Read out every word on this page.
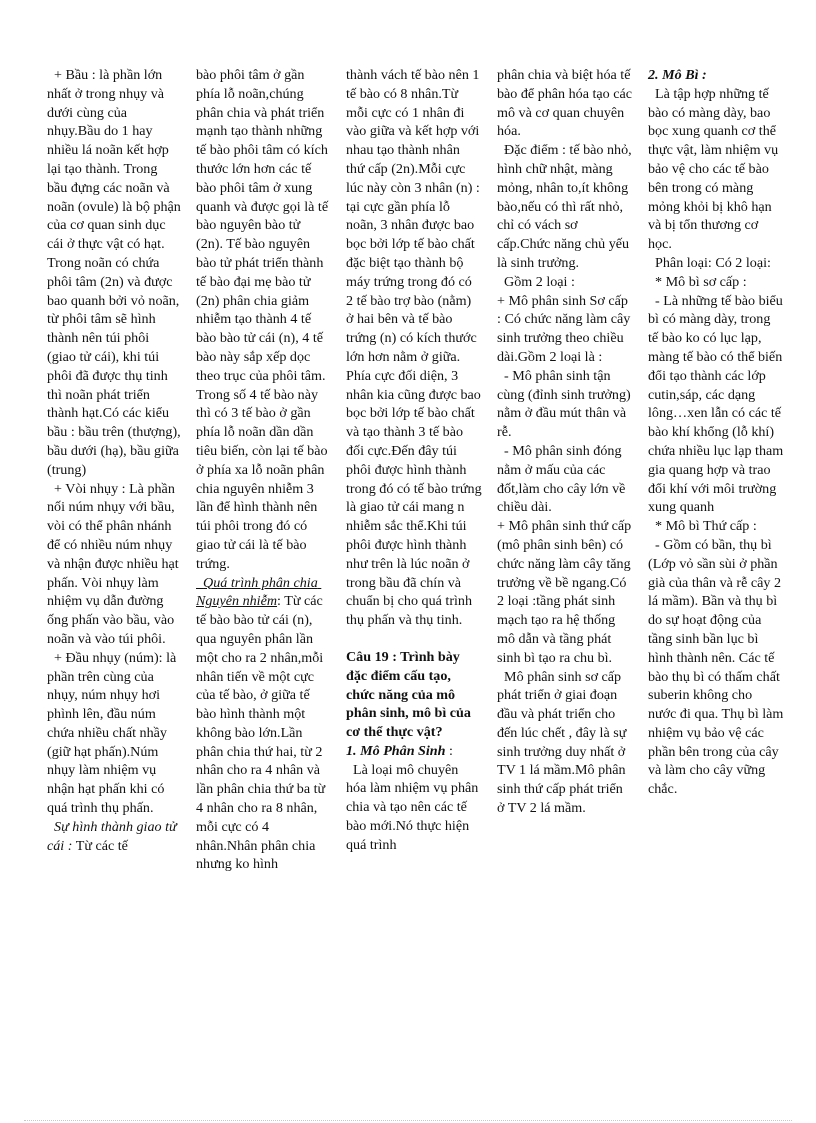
+ Bầu : là phần lớn nhất ở trong nhụy và dưới cùng của nhụy.Bầu do 1 hay nhiều lá noãn kết hợp lại tạo thành. Trong bầu đựng các noãn và noãn (ovule) là bộ phận của cơ quan sinh dục cái ở thực vật có hạt. Trong noãn có chứa phôi tâm (2n) và được bao quanh bởi vỏ noãn, từ phôi tâm sẽ hình thành nên túi phôi (giao tử cái), khi túi phôi đã được thụ tinh thì noãn phát triển thành hạt.Có các kiểu bầu : bầu trên (thượng), bầu dưới (hạ), bầu giữa (trung)
+ Vòi nhụy : Là phần nối núm nhụy với bầu, vòi có thể phân nhánh để có nhiều núm nhụy và nhận được nhiều hạt phấn. Vòi nhụy làm nhiệm vụ dẫn đường ống phấn vào bầu, vào noãn và vào túi phôi.
+ Đầu nhụy (núm): là phần trên cùng của nhụy, núm nhụy hơi phình lên, đầu núm chứa nhiều chất nhầy (giữ hạt phấn).Núm nhụy làm nhiệm vụ nhận hạt phấn khi có quá trình thụ phấn.
Sự hình thành giao tử cái : Từ các tế
bào phôi tâm ở gần phía lỗ noãn,chúng phân chia và phát triển mạnh tạo thành những tế bào phôi tâm có kích thước lớn hơn các tế bào phôi tâm ở xung quanh và được gọi là tế bào nguyên bào tử (2n). Tế bào nguyên bào tử phát triển thành tế bào đại mẹ bào tử (2n) phân chia giảm nhiễm tạo thành 4 tế bào bào tử cái (n), 4 tế bào này sắp xếp dọc theo trục của phôi tâm. Trong số 4 tế bào này thì có 3 tế bào ở gần phía lỗ noãn dần dần tiêu biến, còn lại tế bào ở phía xa lỗ noãn phân chia nguyên nhiễm 3 lần để hình thành nên túi phôi trong đó có giao tử cái là tế bào trứng.
Quá trình phân chia Nguyên nhiễm: Từ các tế bào bào tử cái (n), qua nguyên phân lần một cho ra 2 nhân,mỗi nhân tiến về một cực của tế bào, ở giữa tế bào hình thành một không bào lớn.Lần phân chia thứ hai, từ 2 nhân cho ra 4 nhân và lần phân chia thứ ba từ 4 nhân cho ra 8 nhân, mỗi cực có 4 nhân.Nhân phân chia nhưng ko hình
thành vách tế bào nên 1 tế bào có 8 nhân.Từ mỗi cực có 1 nhân đi vào giữa và kết hợp với nhau tạo thành nhân thứ cấp (2n).Mỗi cực lúc này còn 3 nhân (n) : tại cực gần phía lỗ noãn, 3 nhân được bao bọc bởi lớp tế bào chất đặc biệt tạo thành bộ máy trứng trong đó có 2 tế bào trợ bào (nằm) ở hai bên và tế bào trứng (n) có kích thước lớn hơn nằm ở giữa. Phía cực đối diện, 3 nhân kia cũng được bao bọc bởi lớp tế bào chất và tạo thành 3 tế bào đối cực.Đến đây túi phôi được hình thành trong đó có tế bào trứng là giao tử cái mang n nhiễm sắc thể.Khi túi phôi được hình thành như trên là lúc noãn ở trong bầu đã chín và chuẩn bị cho quá trình thụ phấn và thụ tinh.
Câu 19 : Trình bày đặc điểm cấu tạo, chức năng của mô phân sinh, mô bì của cơ thể thực vật?
1. Mô Phân Sinh :
Là loại mô chuyên hóa làm nhiệm vụ phân chia và tạo nên các tế bào mới.Nó thực hiện quá trình
phân chia và biệt hóa tế bào để phân hóa tạo các mô và cơ quan chuyên hóa.
Đặc điểm : tế bào nhỏ, hình chữ nhật, màng mỏng, nhân to,ít không bào,nếu có thì rất nhỏ, chỉ có vách sơ cấp.Chức năng chủ yếu là sinh trưởng.
Gồm 2 loại :
+ Mô phân sinh Sơ cấp : Có chức năng làm cây sinh trưởng theo chiều dài.Gồm 2 loại là :
- Mô phân sinh tận cùng (đỉnh sinh trưởng) nằm ở đầu mút thân và rễ.
- Mô phân sinh đóng nằm ở mấu của các đốt,làm cho cây lớn về chiều dài.
+ Mô phân sinh thứ cấp (mô phân sinh bên) có chức năng làm cây tăng trưởng về bề ngang.Có 2 loại :tầng phát sinh mạch tạo ra hệ thống mô dẫn và tầng phát sinh bì tạo ra chu bì.
Mô phân sinh sơ cấp phát triển ở giai đoạn đầu và phát triển cho đến lúc chết , đây là sự sinh trưởng duy nhất ở TV 1 lá mầm.Mô phân sinh thứ cấp phát triển ở TV 2 lá mầm.
2. Mô Bì :
Là tập hợp những tế bào có màng dày, bao bọc xung quanh cơ thể thực vật, làm nhiệm vụ bảo vệ cho các tế bào bên trong có màng mỏng khỏi bị khô hạn và bị tổn thương cơ học.
Phân loại: Có 2 loại:
* Mô bì sơ cấp :
- Là những tế bào biểu bì có màng dày, trong tế bào ko có lục lạp, màng tế bào có thể biến đổi tạo thành các lớp cutin,sáp, các dạng lông…xen lẫn có các tế bào khí khổng (lỗ khí) chứa nhiều lục lạp tham gia quang hợp và trao đổi khí với môi trường xung quanh
* Mô bì Thứ cấp :
- Gồm có bần, thụ bì (Lớp vỏ sần sùi ở phần già của thân và rễ cây 2 lá mầm). Bần và thụ bì do sự hoạt động của tầng sinh bần lục bì hình thành nên. Các tế bào thụ bì có thấm chất suberin không cho nước đi qua. Thụ bì làm nhiệm vụ bảo vệ các phần bên trong của cây và làm cho cây vững chắc.
